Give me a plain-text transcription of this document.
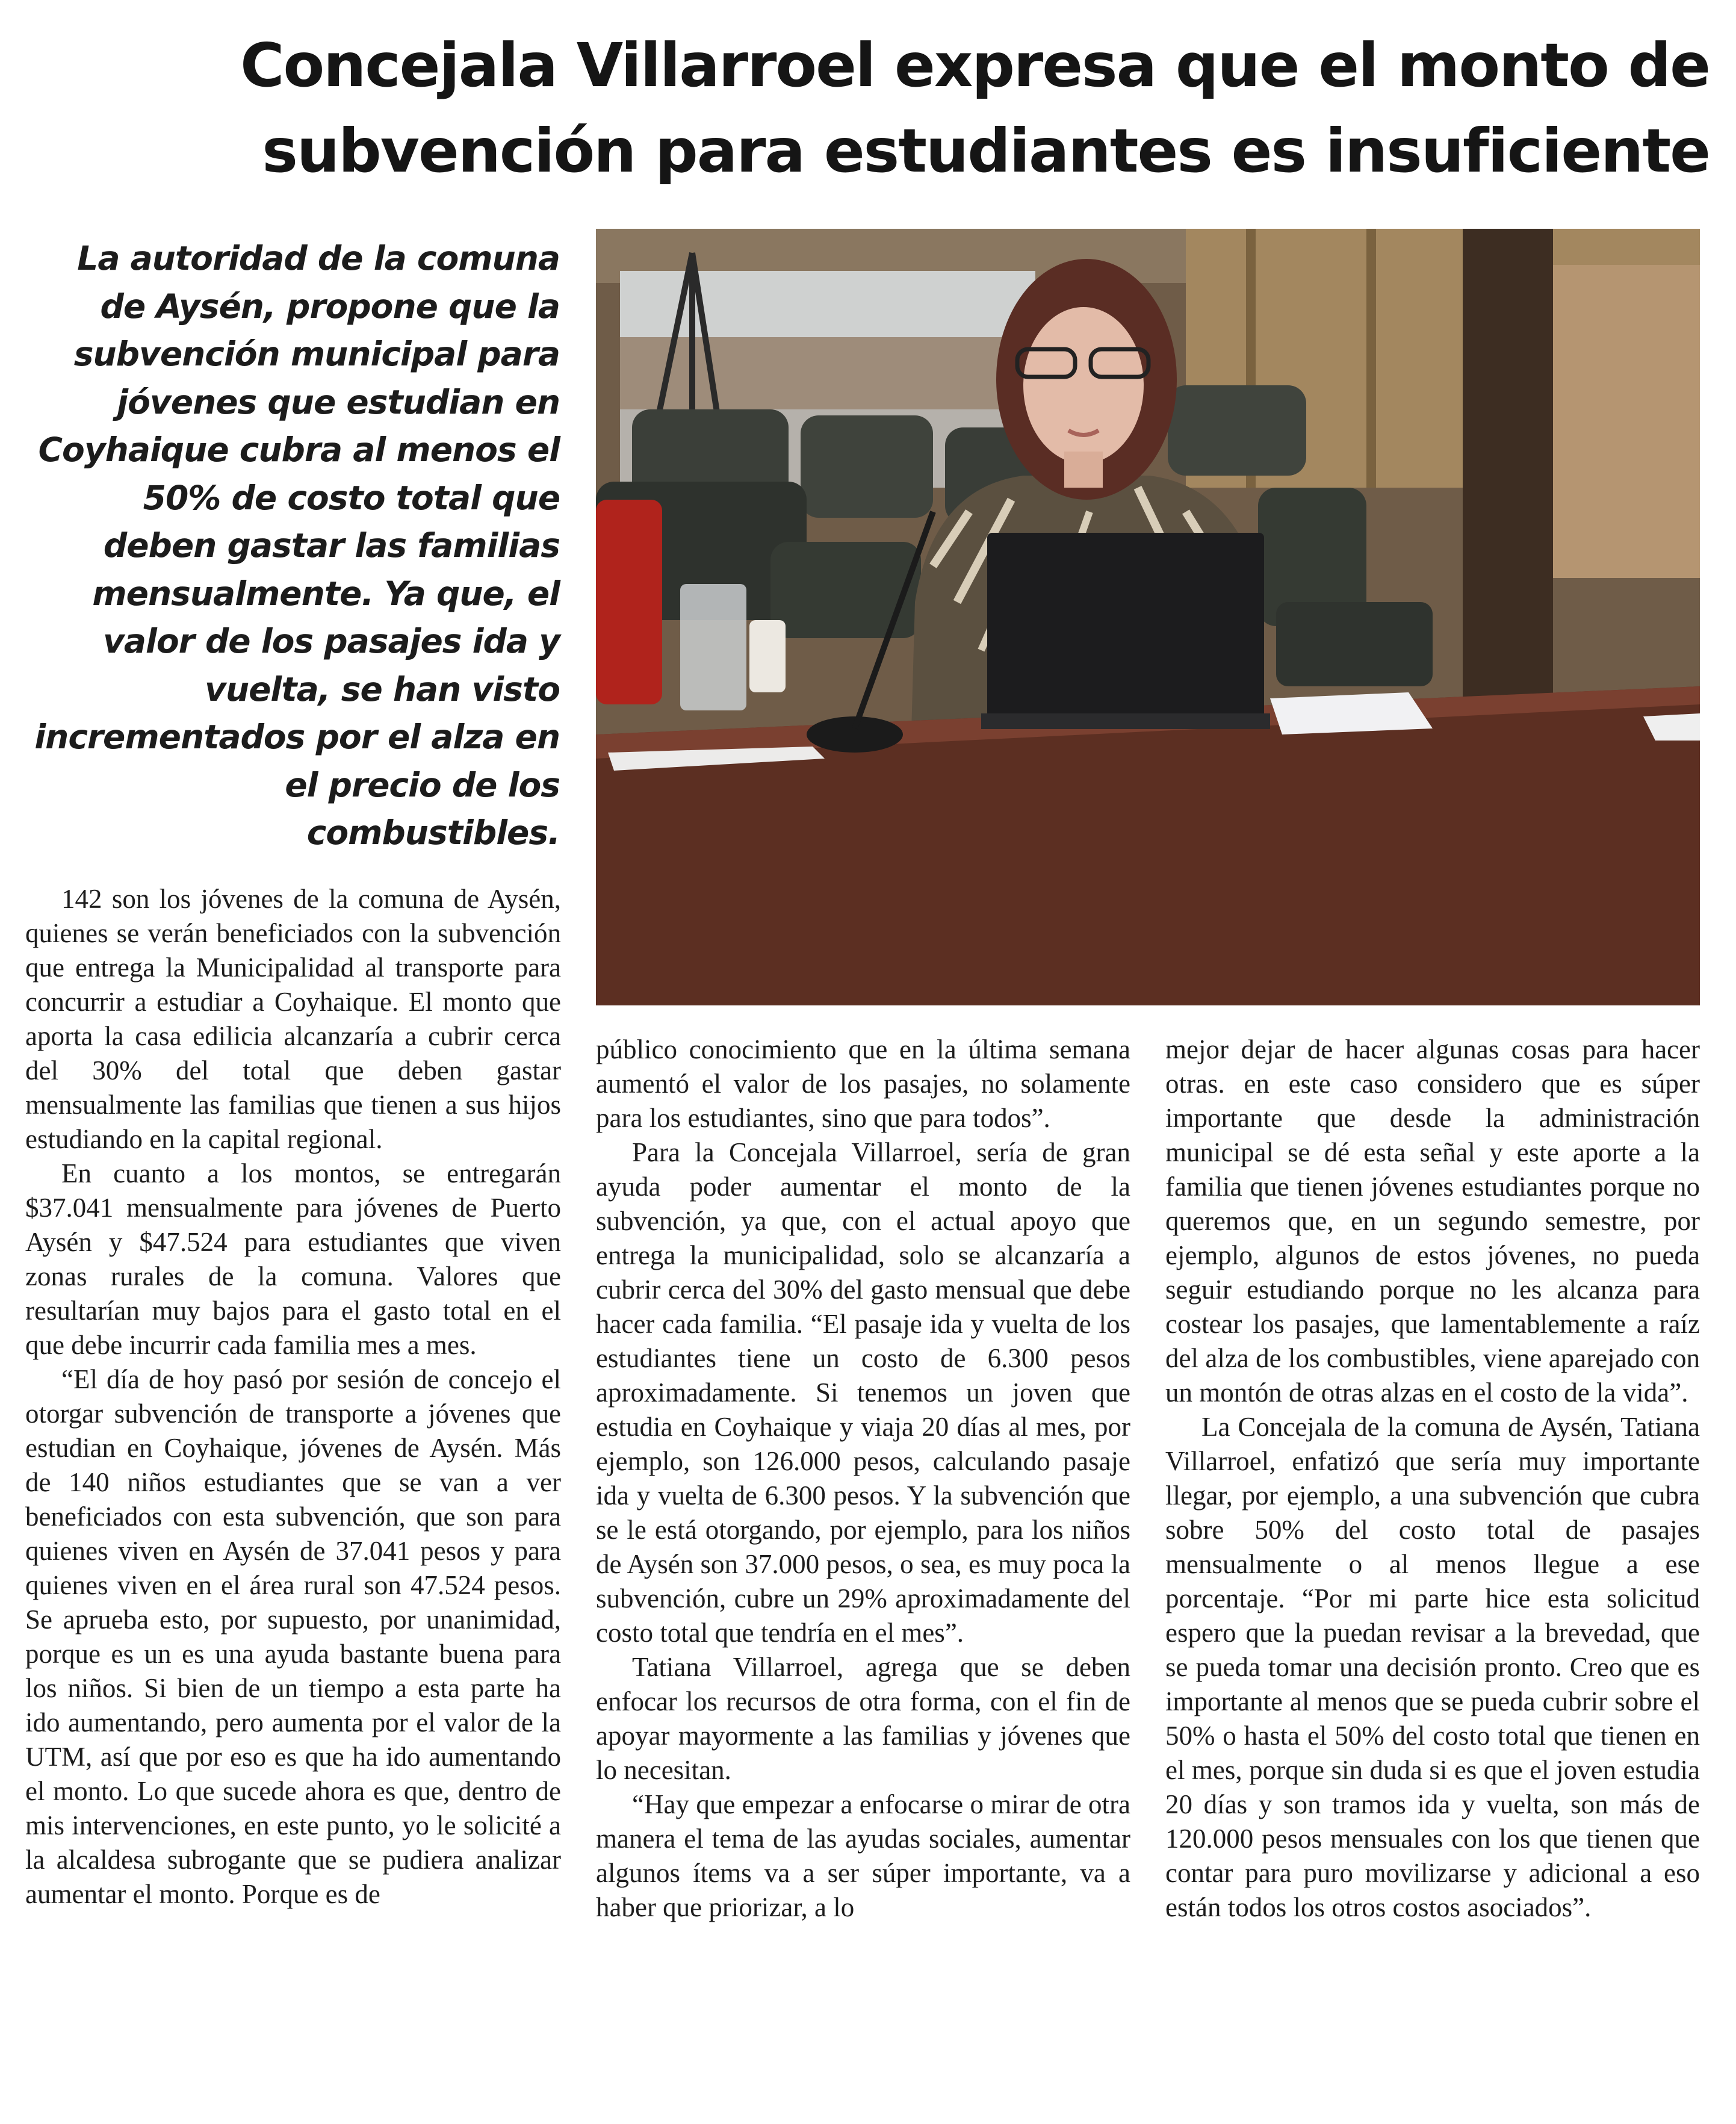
Concejala Villarroel expresa que el monto de
subvención para estudiantes es insuficiente

La autoridad de la comuna de Aysén, propone que la subvención municipal para jóvenes que estudian en Coyhaique cubra al menos el 50% de costo total que deben gastar las familias mensualmente. Ya que, el valor de los pasajes ida y vuelta, se han visto incrementados por el alza en el precio de los combustibles.

142 son los jóvenes de la comuna de Aysén, quienes se verán beneficiados con la subvención que entrega la Municipalidad al transporte para concurrir a estudiar a Coyhaique. El monto que aporta la casa edilicia alcanzaría a cubrir cerca del 30% del total que deben gastar mensualmente las familias que tienen a sus hijos estudiando en la capital regional.

En cuanto a los montos, se entregarán $37.041 mensualmente para jóvenes de Puerto Aysén y $47.524 para estudiantes que viven zonas rurales de la comuna. Valores que resultarían muy bajos para el gasto total en el que debe incurrir cada familia mes a mes.

“El día de hoy pasó por sesión de concejo el otorgar subvención de transporte a jóvenes que estudian en Coyhaique, jóvenes de Aysén. Más de 140 niños estudiantes que se van a ver beneficiados con esta subvención, que son para quienes viven en Aysén de 37.041 pesos y para quienes viven en el área rural son 47.524 pesos. Se aprueba esto, por supuesto, por unanimidad, porque es un es una ayuda bastante buena para los niños. Si bien de un tiempo a esta parte ha ido aumentando, pero aumenta por el valor de la UTM, así que por eso es que ha ido aumentando el monto. Lo que sucede ahora es que, dentro de mis intervenciones, en este punto, yo le solicité a la alcaldesa subrogante que se pudiera analizar aumentar el monto. Porque es de

público conocimiento que en la última semana aumentó el valor de los pasajes, no solamente para los estudiantes, sino que para todos”.

Para la Concejala Villarroel, sería de gran ayuda poder aumentar el monto de la subvención, ya que, con el actual apoyo que entrega la municipalidad, solo se alcanzaría a cubrir cerca del 30% del gasto mensual que debe hacer cada familia. “El pasaje ida y vuelta de los estudiantes tiene un costo de 6.300 pesos aproximadamente. Si tenemos un joven que estudia en Coyhaique y viaja 20 días al mes, por ejemplo, son 126.000 pesos, calculando pasaje ida y vuelta de 6.300 pesos. Y la subvención que se le está otorgando, por ejemplo, para los niños de Aysén son 37.000 pesos, o sea, es muy poca la subvención, cubre un 29% aproximadamente del costo total que tendría en el mes”.

Tatiana Villarroel, agrega que se deben enfocar los recursos de otra forma, con el fin de apoyar mayormente a las familias y jóvenes que lo necesitan.

“Hay que empezar a enfocarse o mirar de otra manera el tema de las ayudas sociales, aumentar algunos ítems va a ser súper importante, va a haber que priorizar, a lo

mejor dejar de hacer algunas cosas para hacer otras. en este caso considero que es súper importante que desde la administración municipal se dé esta señal y este aporte a la familia que tienen jóvenes estudiantes porque no queremos que, en un segundo semestre, por ejemplo, algunos de estos jóvenes, no pueda seguir estudiando porque no les alcanza para costear los pasajes, que lamentablemente a raíz del alza de los combustibles, viene aparejado con un montón de otras alzas en el costo de la vida”.

La Concejala de la comuna de Aysén, Tatiana Villarroel, enfatizó que sería muy importante llegar, por ejemplo, a una subvención que cubra sobre 50% del costo total de pasajes mensualmente o al menos llegue a ese porcentaje. “Por mi parte hice esta solicitud espero que la puedan revisar a la brevedad, que se pueda tomar una decisión pronto. Creo que es importante al menos que se pueda cubrir sobre el 50% o hasta el 50% del costo total que tienen en el mes, porque sin duda si es que el joven estudia 20 días y son tramos ida y vuelta, son más de 120.000 pesos mensuales con los que tienen que contar para puro movilizarse y adicional a eso están todos los otros costos asociados”.
